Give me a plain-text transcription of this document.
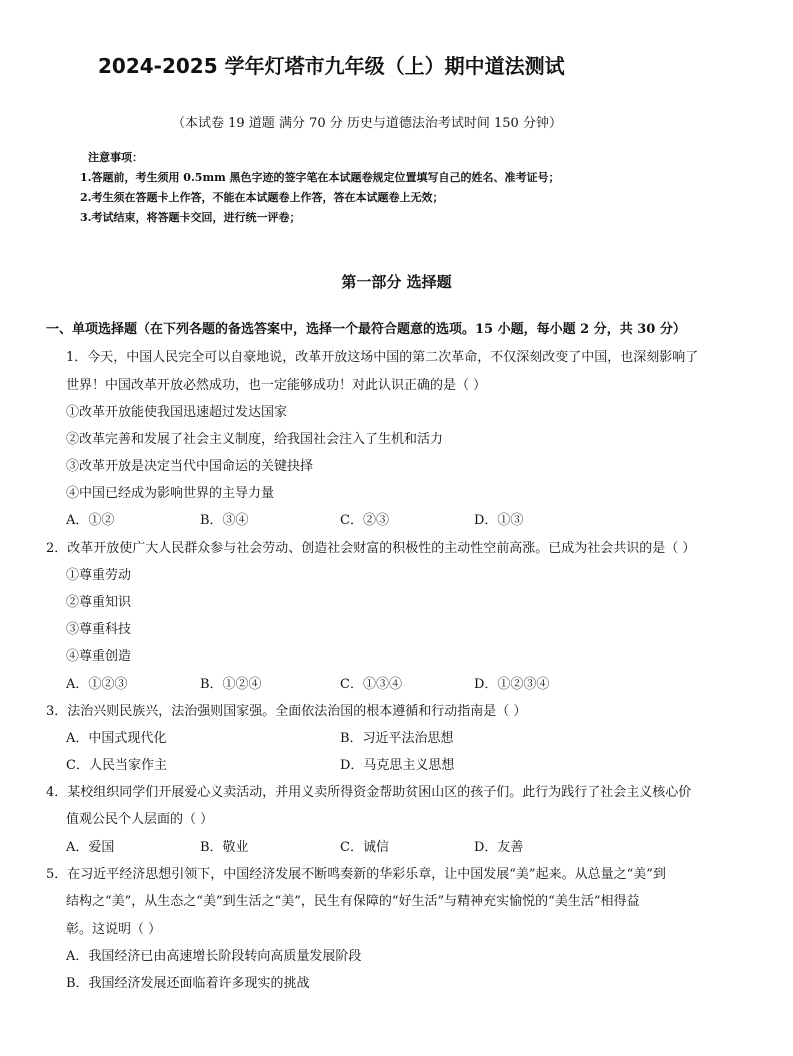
2024-2025 学年灯塔市九年级（上）期中道法测试
（本试卷 19 道题 满分 70 分 历史与道德法治考试时间 150 分钟）
注意事项：
1.答题前，考生须用 0.5mm 黑色字迹的签字笔在本试题卷规定位置填写自己的姓名、准考证号；
2.考生须在答题卡上作答，不能在本试题卷上作答，答在本试题卷上无效；
3.考试结束，将答题卡交回，进行统一评卷；
第一部分 选择题
一、单项选择题（在下列各题的备选答案中，选择一个最符合题意的选项。15 小题，每小题 2 分，共 30 分）
1．今天，中国人民完全可以自豪地说，改革开放这场中国的第二次革命，不仅深刻改变了中国，也深刻影响了
世界！中国改革开放必然成功，也一定能够成功！对此认识正确的是（ ）
①改革开放能使我国迅速超过发达国家
②改革完善和发展了社会主义制度，给我国社会注入了生机和活力
③改革开放是决定当代中国命运的关键抉择
④中国已经成为影响世界的主导力量
A．①②	B．③④	C．②③	D．①③
2．改革开放使广大人民群众参与社会劳动、创造社会财富的积极性的主动性空前高涨。已成为社会共识的是（ ）
①尊重劳动
②尊重知识
③尊重科技
④尊重创造
A．①②③	B．①②④	C．①③④	D．①②③④
3．法治兴则民族兴，法治强则国家强。全面依法治国的根本遵循和行动指南是（ ）
A．中国式现代化	B．习近平法治思想
C．人民当家作主	D．马克思主义思想
4．某校组织同学们开展爱心义卖活动，并用义卖所得资金帮助贫困山区的孩子们。此行为践行了社会主义核心价
值观公民个人层面的（ ）
A．爱国	B．敬业	C．诚信	D．友善
5．在习近平经济思想引领下，中国经济发展不断鸣奏新的华彩乐章，让中国发展“美”起来。从总量之“美”到
结构之“美”，从生态之“美”到生活之“美”，民生有保障的“好生活”与精神充实愉悦的“美生活”相得益
彰。这说明（ ）
A．我国经济已由高速增长阶段转向高质量发展阶段
B．我国经济发展还面临着许多现实的挑战
